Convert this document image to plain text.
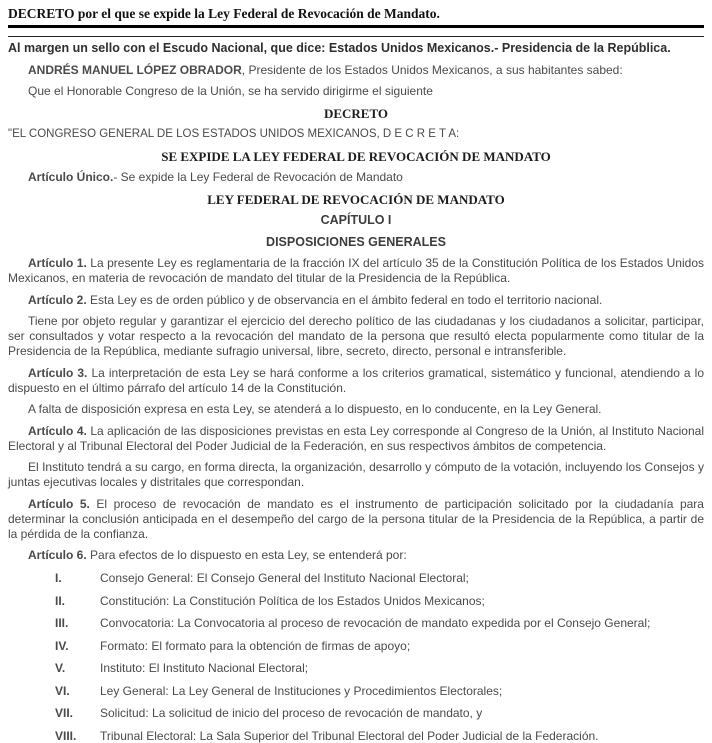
DECRETO por el que se expide la Ley Federal de Revocación de Mandato.

Al margen un sello con el Escudo Nacional, que dice: Estados Unidos Mexicanos.- Presidencia de la República.

ANDRÉS MANUEL LÓPEZ OBRADOR, Presidente de los Estados Unidos Mexicanos, a sus habitantes sabed:

Que el Honorable Congreso de la Unión, se ha servido dirigirme el siguiente

DECRETO

"EL CONGRESO GENERAL DE LOS ESTADOS UNIDOS MEXICANOS, D E C R E T A:

SE EXPIDE LA LEY FEDERAL DE REVOCACIÓN DE MANDATO

Artículo Único.- Se expide la Ley Federal de Revocación de Mandato

LEY FEDERAL DE REVOCACIÓN DE MANDATO
CAPÍTULO I
DISPOSICIONES GENERALES

Artículo 1. La presente Ley es reglamentaria de la fracción IX del artículo 35 de la Constitución Política de los Estados Unidos Mexicanos, en materia de revocación de mandato del titular de la Presidencia de la República.

Artículo 2. Esta Ley es de orden público y de observancia en el ámbito federal en todo el territorio nacional.

Tiene por objeto regular y garantizar el ejercicio del derecho político de las ciudadanas y los ciudadanos a solicitar, participar, ser consultados y votar respecto a la revocación del mandato de la persona que resultó electa popularmente como titular de la Presidencia de la República, mediante sufragio universal, libre, secreto, directo, personal e intransferible.

Artículo 3. La interpretación de esta Ley se hará conforme a los criterios gramatical, sistemático y funcional, atendiendo a lo dispuesto en el último párrafo del artículo 14 de la Constitución.

A falta de disposición expresa en esta Ley, se atenderá a lo dispuesto, en lo conducente, en la Ley General.

Artículo 4. La aplicación de las disposiciones previstas en esta Ley corresponde al Congreso de la Unión, al Instituto Nacional Electoral y al Tribunal Electoral del Poder Judicial de la Federación, en sus respectivos ámbitos de competencia.

El Instituto tendrá a su cargo, en forma directa, la organización, desarrollo y cómputo de la votación, incluyendo los Consejos y juntas ejecutivas locales y distritales que correspondan.

Artículo 5. El proceso de revocación de mandato es el instrumento de participación solicitado por la ciudadanía para determinar la conclusión anticipada en el desempeño del cargo de la persona titular de la Presidencia de la República, a partir de la pérdida de la confianza.

Artículo 6. Para efectos de lo dispuesto en esta Ley, se entenderá por:

I.	Consejo General: El Consejo General del Instituto Nacional Electoral;
II.	Constitución: La Constitución Política de los Estados Unidos Mexicanos;
III.	Convocatoria: La Convocatoria al proceso de revocación de mandato expedida por el Consejo General;
IV.	Formato: El formato para la obtención de firmas de apoyo;
V.	Instituto: El Instituto Nacional Electoral;
VI.	Ley General: La Ley General de Instituciones y Procedimientos Electorales;
VII.	Solicitud: La solicitud de inicio del proceso de revocación de mandato, y
VIII.	Tribunal Electoral: La Sala Superior del Tribunal Electoral del Poder Judicial de la Federación.
